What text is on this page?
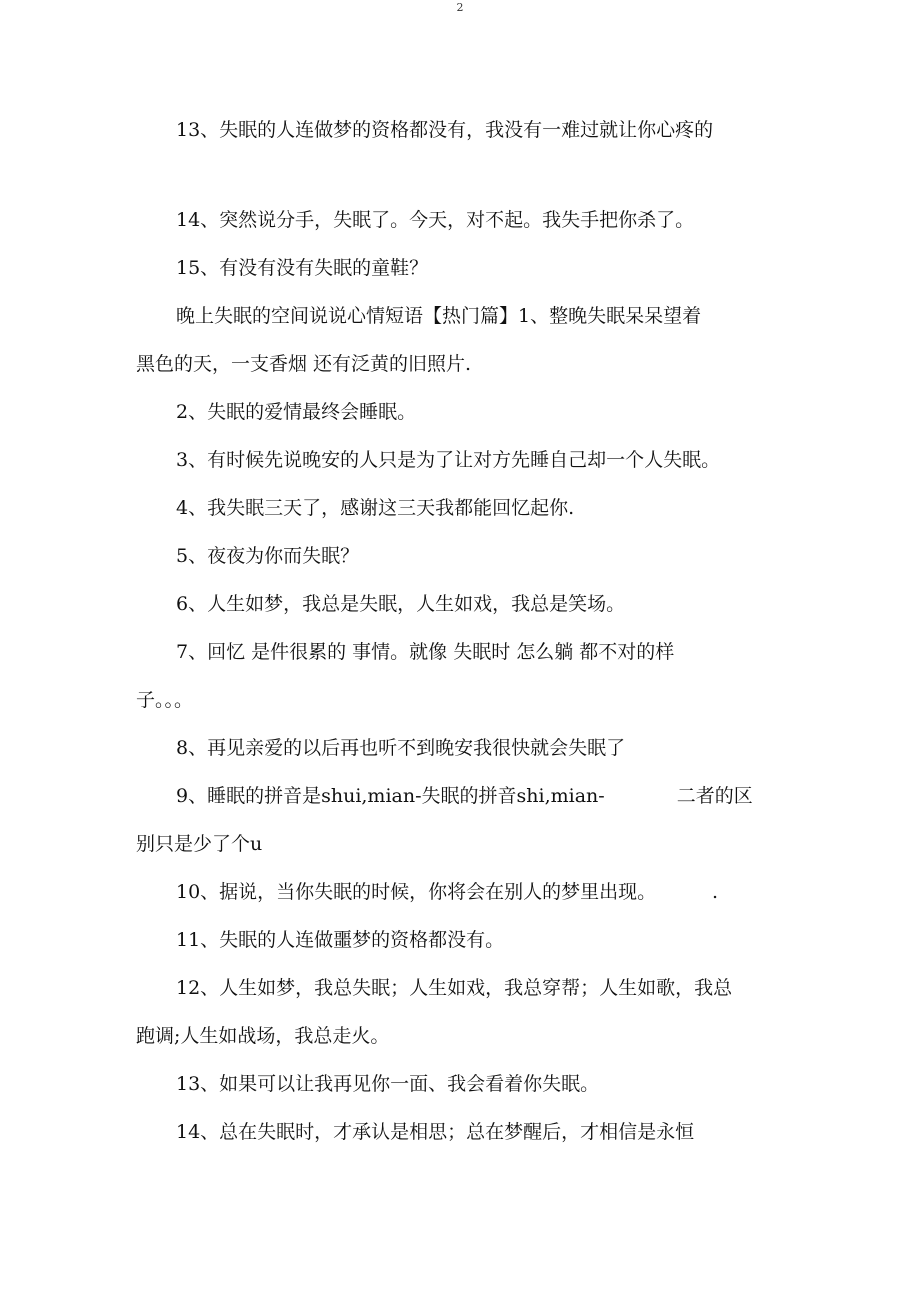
2
13、失眠的人连做梦的资格都没有，我没有一难过就让你心疼的
14、突然说分手，失眠了。今天，对不起。我失手把你杀了。
15、有没有没有失眠的童鞋？
晚上失眠的空间说说心情短语【热门篇】1、整晚失眠呆呆望着
黑色的天，一支香烟 还有泛黄的旧照片.
2、失眠的爱情最终会睡眠。
3、有时候先说晚安的人只是为了让对方先睡自己却一个人失眠。
4、我失眠三天了，感谢这三天我都能回忆起你.
5、夜夜为你而失眠？
6、人生如梦，我总是失眠，人生如戏，我总是笑场。
7、回忆 是件很累的 事情。就像 失眠时 怎么躺 都不对的样
子。。。
8、再见亲爱的以后再也听不到晚安我很快就会失眠了
9、睡眠的拼音是shui,mian-失眠的拼音shi,mian-	二者的区
别只是少了个u
10、据说，当你失眠的时候，你将会在别人的梦里出现。	.
11、失眠的人连做噩梦的资格都没有。
12、人生如梦，我总失眠；人生如戏，我总穿帮；人生如歌，我总
跑调;人生如战场，我总走火。
13、如果可以让我再见你一面、我会看着你失眠。
14、总在失眠时，才承认是相思；总在梦醒后，才相信是永恒
